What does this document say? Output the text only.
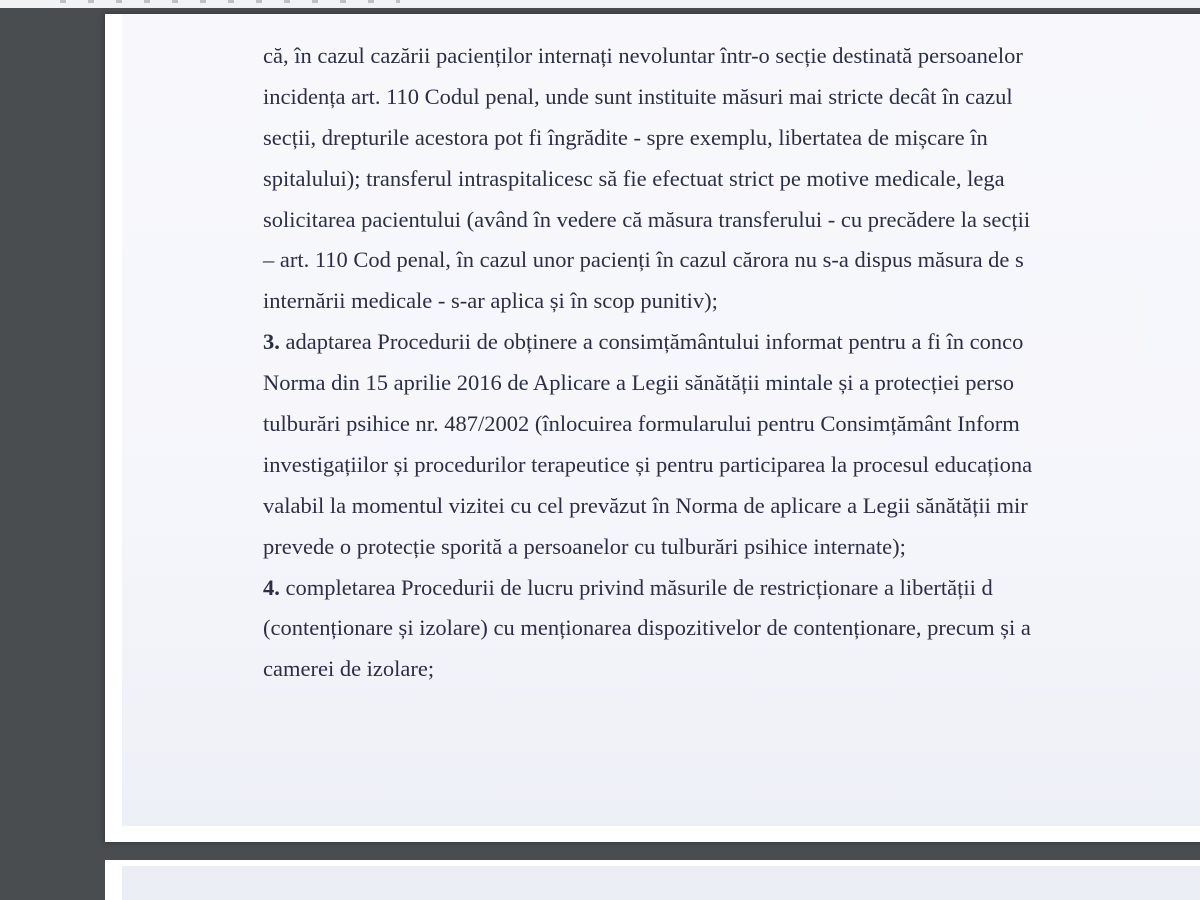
că, în cazul cazării pacienților internați nevoluntar într-o secție destinată persoanelor
incidența art. 110 Codul penal, unde sunt instituite măsuri mai stricte decât în cazul
secții, drepturile acestora pot fi îngrădite - spre exemplu, libertatea de mișcare în
spitalului); transferul intraspitalicesc să fie efectuat strict pe motive medicale, lega
solicitarea pacientului (având în vedere că măsura transferului - cu precădere la secții
– art. 110 Cod penal, în cazul unor pacienți în cazul cărora nu s-a dispus măsura de s
internării medicale - s-ar aplica și în scop punitiv);
3. adaptarea Procedurii de obținere a consimțământului informat pentru a fi în conco
Norma din 15 aprilie 2016 de Aplicare a Legii sănătății mintale și a protecției perso
tulburări psihice nr. 487/2002 (înlocuirea formularului pentru Consimțământ Inform
investigațiilor și procedurilor terapeutice și pentru participarea la procesul educaționa
valabil la momentul vizitei cu cel prevăzut în Norma de aplicare a Legii sănătății mir
prevede o protecție sporită a persoanelor cu tulburări psihice internate);
4. completarea Procedurii de lucru privind măsurile de restricționare a libertății d
(contenționare și izolare) cu menționarea dispozitivelor de contenționare, precum și a
camerei de izolare;
